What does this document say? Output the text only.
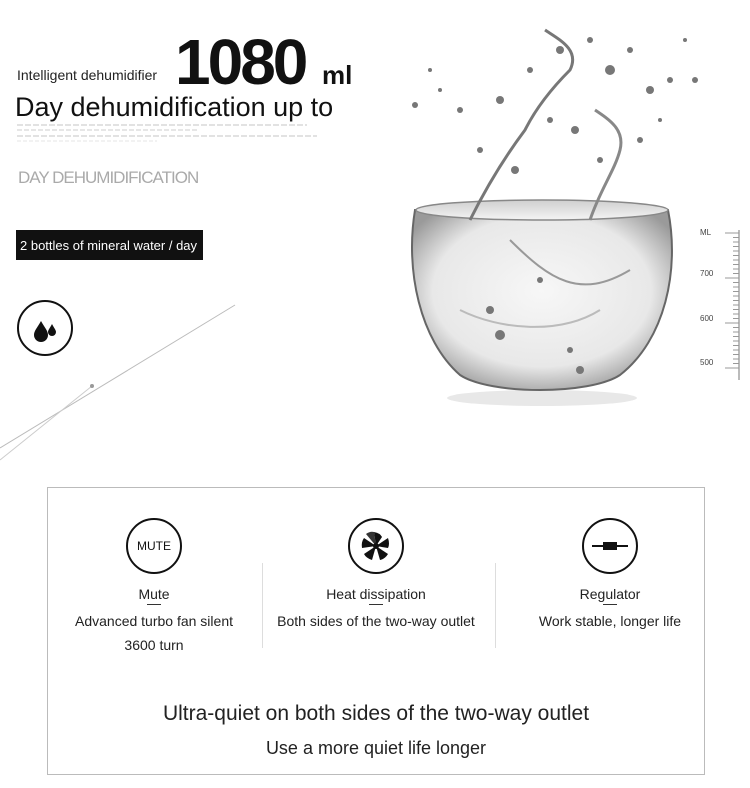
Intelligent dehumidifier 1080 ml
Day dehumidification up to
DAY DEHUMIDIFICATION
2 bottles of mineral water / day
ML
700
600
500
MUTE
Mute
Advanced turbo fan silent 3600 turn
Heat dissipation
Both sides of the two-way outlet
Regulator
Work stable, longer life
Ultra-quiet on both sides of the two-way outlet
Use a more quiet life longer
